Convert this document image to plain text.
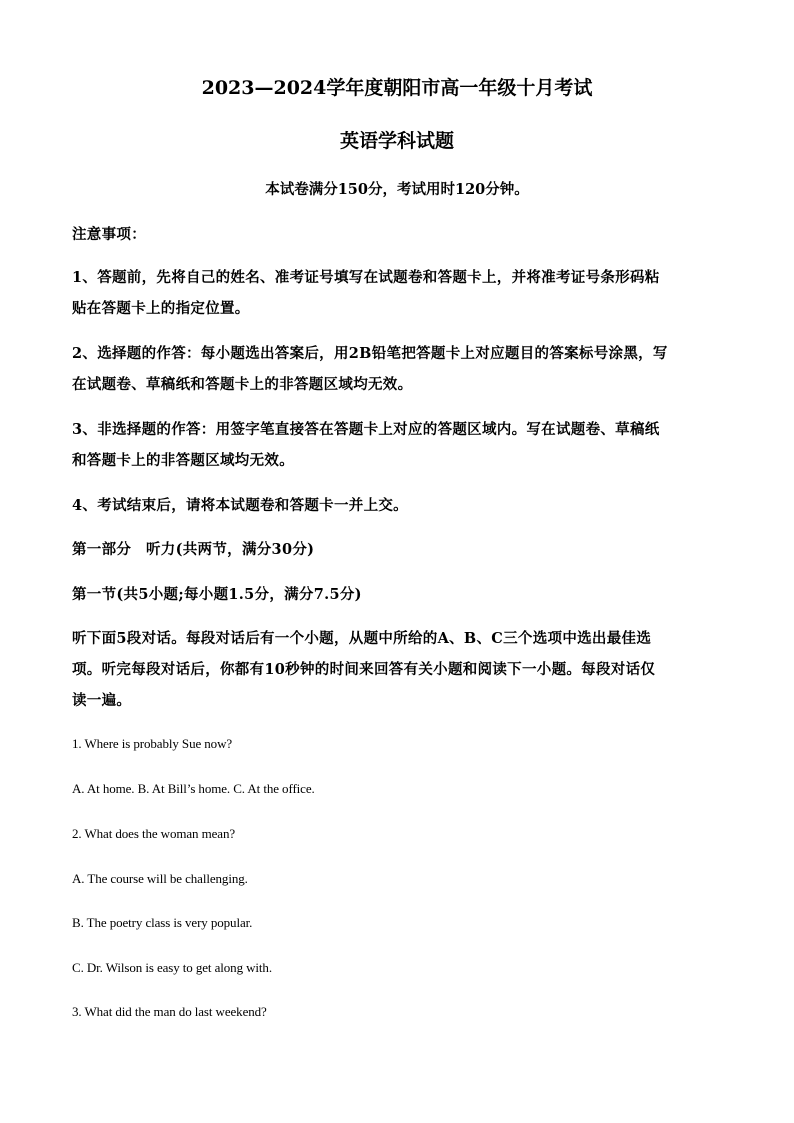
2023—2024学年度朝阳市高一年级十月考试
英语学科试题
本试卷满分150分，考试用时120分钟。
注意事项：
1、答题前，先将自己的姓名、准考证号填写在试题卷和答题卡上，并将准考证号条形码粘
贴在答题卡上的指定位置。
2、选择题的作答：每小题选出答案后，用2B铅笔把答题卡上对应题目的答案标号涂黑，写
在试题卷、草稿纸和答题卡上的非答题区域均无效。
3、非选择题的作答：用签字笔直接答在答题卡上对应的答题区域内。写在试题卷、草稿纸
和答题卡上的非答题区域均无效。
4、考试结束后，请将本试题卷和答题卡一并上交。
第一部分　听力(共两节，满分30分)
第一节(共5小题;每小题1.5分，满分7.5分)
听下面5段对话。每段对话后有一个小题，从题中所给的A、B、C三个选项中选出最佳选
项。听完每段对话后，你都有10秒钟的时间来回答有关小题和阅读下一小题。每段对话仅
读一遍。
1. Where is probably Sue now?
A. At home. B. At Bill’s home. C. At the office.
2. What does the woman mean?
A. The course will be challenging.
B. The poetry class is very popular.
C. Dr. Wilson is easy to get along with.
3. What did the man do last weekend?
